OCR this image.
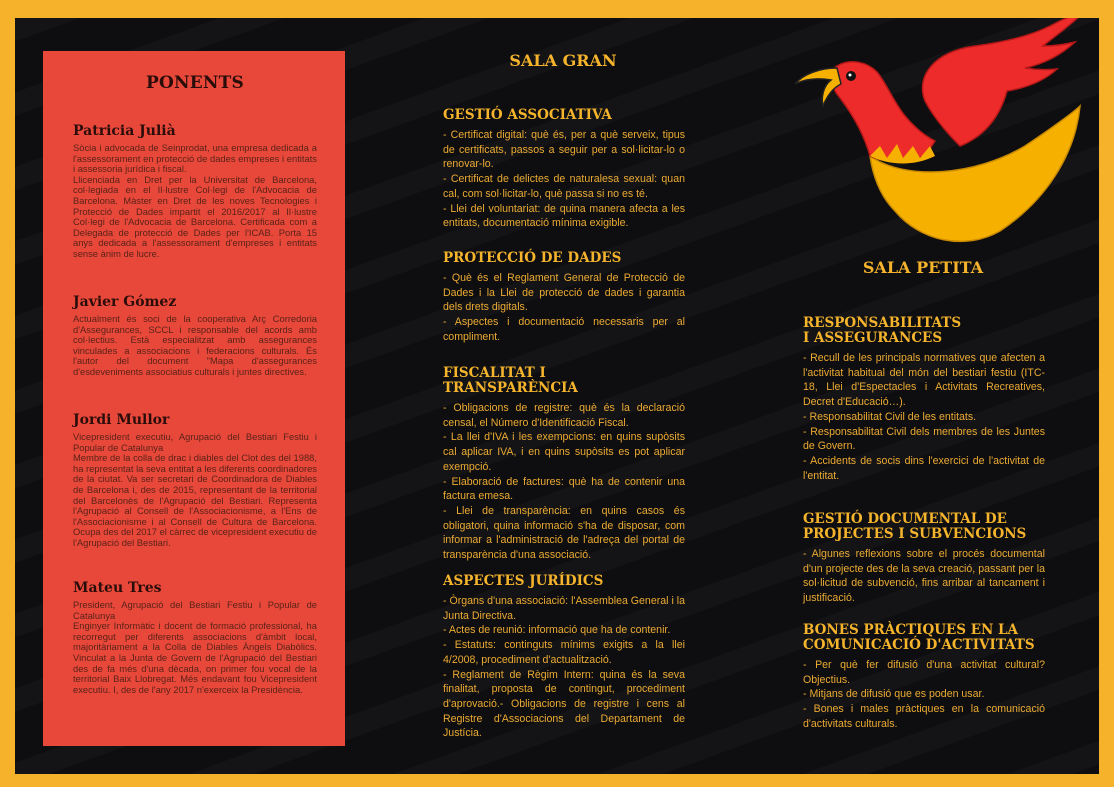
PONENTS
Patricia Julià

Sòcia i advocada de Seinprodat, una empresa dedicada a l'assessorament en protecció de dades empreses i entitats i assessoria jurídica i fiscal.
Llicenciada en Dret per la Universitat de Barcelona, col·legiada en el Il·lustre Col·legi de l'Advocacia de Barcelona. Màster en Dret de les noves Tecnologies i Protecció de Dades impartit el 2016/2017 al Il·lustre Col·legi de l'Advocacia de Barcelona. Certificada com a Delegada de protecció de Dades per l'ICAB. Porta 15 anys dedicada a l'assessorament d'empreses i entitats sense ànim de lucre.

Javier Gómez

Actualment és soci de la cooperativa Arç Corredoria d'Assegurances, SCCL i responsable del acords amb col·lectius. Està especialitzat amb assegurances vinculades a associacions i federacions culturals. És l'autor del document "Mapa d'assegurances d'esdeveniments associatius culturals i juntes directives.

Jordi Mullor

Vicepresident executiu, Agrupació del Bestiari Festiu i Popular de Catalunya
Membre de la colla de drac i diables del Clot des del 1988, ha representat la seva entitat a les diferents coordinadores de la ciutat. Va ser secretari de Coordinadora de Diables de Barcelona i, des de 2015, representant de la territorial del Barcelonès de l'Agrupació del Bestiari. Representa l'Agrupació al Consell de l'Associacionisme, a l'Ens de l'Associacionisme i al Consell de Cultura de Barcelona. Ocupa des del 2017 el càrrec de vicepresident executiu de l'Agrupació del Bestiari.

Mateu Tres

President, Agrupació del Bestiari Festiu i Popular de Catalunya
Enginyer Informàtic i docent de formació professional, ha recorregut per diferents associacions d'àmbit local, majoritàriament a la Colla de Diables Àngels Diabòlics. Vinculat a la Junta de Govern de l'Agrupació del Bestiari des de fa més d'una dècada, on primer fou vocal de la territorial Baix Llobregat. Més endavant fou Vicepresident executiu. I, des de l'any 2017 n'exerceix la Presidència.

SALA GRAN
GESTIÓ ASSOCIATIVA

- Certificat digital: què és, per a què serveix, tipus de certificats, passos a seguir per a sol·licitar-lo o renovar-lo.
- Certificat de delictes de naturalesa sexual: quan cal, com sol·licitar-lo, què passa si no es té.
- Llei del voluntariat: de quina manera afecta a les entitats, documentació mínima exigible.

PROTECCIÓ DE DADES

- Què és el Reglament General de Protecció de Dades i la Llei de protecció de dades i garantia dels drets digitals.
- Aspectes i documentació necessaris per al compliment.

FISCALITAT I TRANSPARÈNCIA

- Obligacions de registre: què és la declaració censal, el Número d'Identificació Fiscal.
- La llei d'IVA i les exempcions: en quins supòsits cal aplicar IVA, i en quins supòsits es pot aplicar exempció.
- Elaboració de factures: què ha de contenir una factura emesa.
- Llei de transparència: en quins casos és obligatori, quina informació s'ha de disposar, com informar a l'administració de l'adreça del portal de transparència d'una associació.

ASPECTES JURÍDICS

- Òrgans d'una associació: l'Assemblea General i la Junta Directiva.
- Actes de reunió: informació que ha de contenir.
- Estatuts: continguts mínims exigits a la llei 4/2008, procediment d'actualització.
- Reglament de Règim Intern: quina és la seva finalitat, proposta de contingut, procediment d'aprovació.- Obligacions de registre i cens al Registre d'Associacions del Departament de Justícia.

SALA PETITA
RESPONSABILITATS
I ASSEGURANCES

- Recull de les principals normatives que afecten a l'activitat habitual del món del bestiari festiu (ITC-18, Llei d'Espectacles i Activitats Recreatives, Decret d'Educació…).
- Responsabilitat Civil de les entitats.
- Responsabilitat Civil dels membres de les Juntes de Govern.
- Accidents de socis dins l'exercici de l'activitat de l'entitat.

GESTIÓ DOCUMENTAL DE
PROJECTES I SUBVENCIONS

- Algunes reflexions sobre el procés documental d'un projecte des de la seva creació, passant per la sol·licitud de subvenció, fins arribar al tancament i justificació.

BONES PRÀCTIQUES EN LA
COMUNICACIÓ D'ACTIVITATS

- Per què fer difusió d'una activitat cultural? Objectius.
- Mitjans de difusió que es poden usar.
- Bones i males pràctiques en la comunicació d'activitats culturals.
